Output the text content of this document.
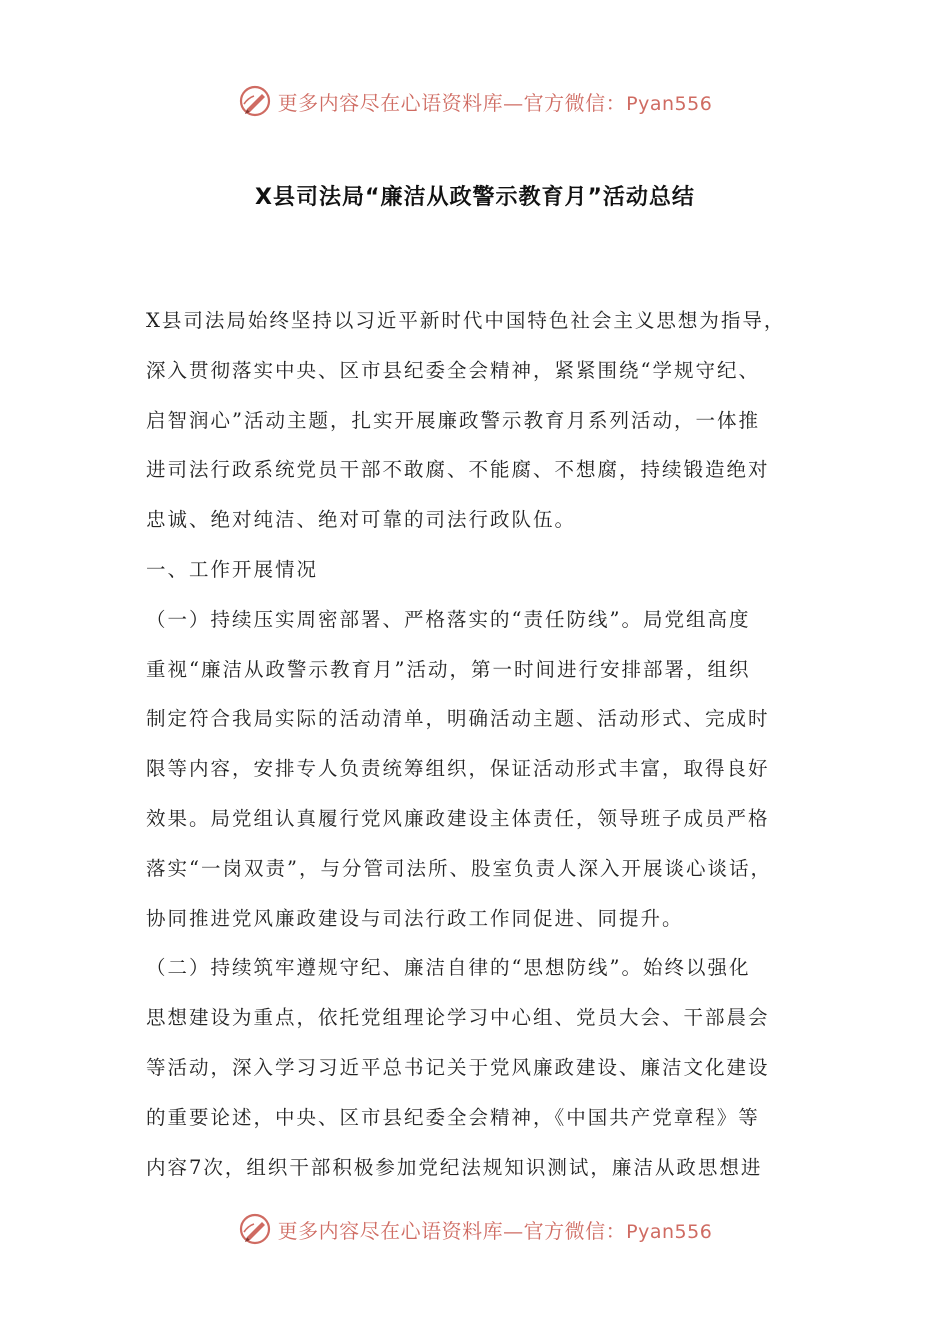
更多内容尽在心语资料库—官方微信：Pyan556
X县司法局“廉洁从政警示教育月”活动总结
X县司法局始终坚持以习近平新时代中国特色社会主义思想为指导，
深入贯彻落实中央、区市县纪委全会精神，紧紧围绕“学规守纪、
启智润心”活动主题，扎实开展廉政警示教育月系列活动，一体推
进司法行政系统党员干部不敢腐、不能腐、不想腐，持续锻造绝对
忠诚、绝对纯洁、绝对可靠的司法行政队伍。
一、工作开展情况
（一）持续压实周密部署、严格落实的“责任防线”。局党组高度
重视“廉洁从政警示教育月”活动，第一时间进行安排部署，组织
制定符合我局实际的活动清单，明确活动主题、活动形式、完成时
限等内容，安排专人负责统筹组织，保证活动形式丰富，取得良好
效果。局党组认真履行党风廉政建设主体责任，领导班子成员严格
落实“一岗双责”，与分管司法所、股室负责人深入开展谈心谈话，
协同推进党风廉政建设与司法行政工作同促进、同提升。
（二）持续筑牢遵规守纪、廉洁自律的“思想防线”。始终以强化
思想建设为重点，依托党组理论学习中心组、党员大会、干部晨会
等活动，深入学习习近平总书记关于党风廉政建设、廉洁文化建设
的重要论述，中央、区市县纪委全会精神，《中国共产党章程》等
内容7次，组织干部积极参加党纪法规知识测试，廉洁从政思想进
更多内容尽在心语资料库—官方微信：Pyan556
